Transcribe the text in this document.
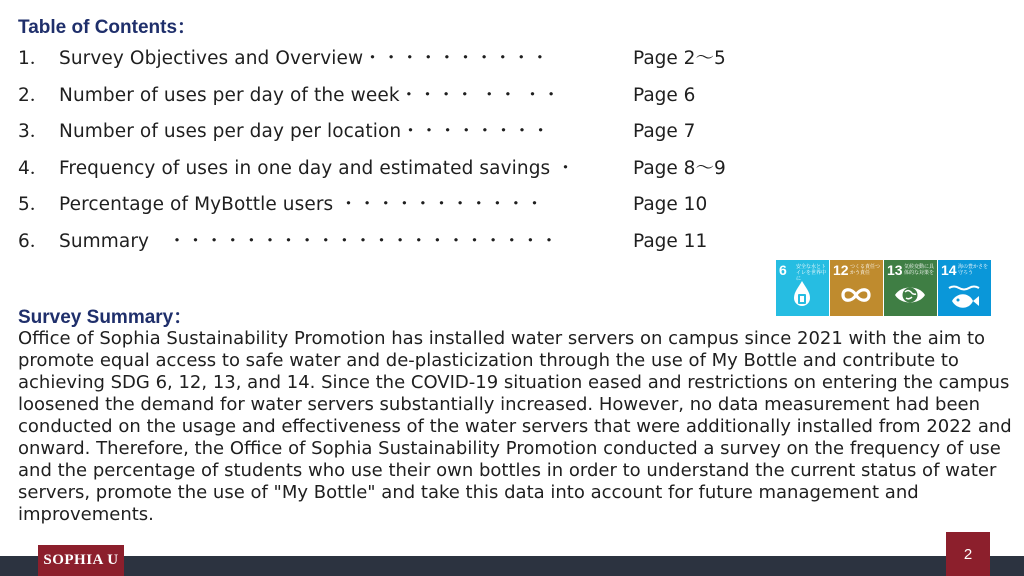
Table of Contents：
1． Survey Objectives and Overview・・・・・・・・・・	Page 2～5
2． Number of uses per day of the week・・・・ ・・ ・・	Page 6
3． Number of uses per day per location・・・・・・・・	Page 7
4． Frequency of uses in one day and estimated savings ・	Page 8～9
5． Percentage of MyBottle users ・・・・・・・・・・・	Page 10
6． Summary　・・・・・・・・・・・・・・・・・・・・・	Page 11
6 安全な水とトイレを世界中に
12 つくる責任つかう責任	13 気候変動に具体的な対策を 14 海の豊かさを守ろう
Survey Summary：
Office of Sophia Sustainability Promotion has installed water servers on campus since 2021 with the aim to promote equal access to safe water and de-plasticization through the use of My Bottle and contribute to achieving SDG 6, 12, 13, and 14. Since the COVID-19 situation eased and restrictions on entering the campus loosened the demand for water servers substantially increased. However, no data measurement had been conducted on the usage and effectiveness of the water servers that were additionally installed from 2022 and onward. Therefore, the Office of Sophia Sustainability Promotion conducted a survey on the frequency of use and the percentage of students who use their own bottles in order to understand the current status of water servers, promote the use of "My Bottle" and take this data into account for future management and improvements.
SOPHIA U	2
